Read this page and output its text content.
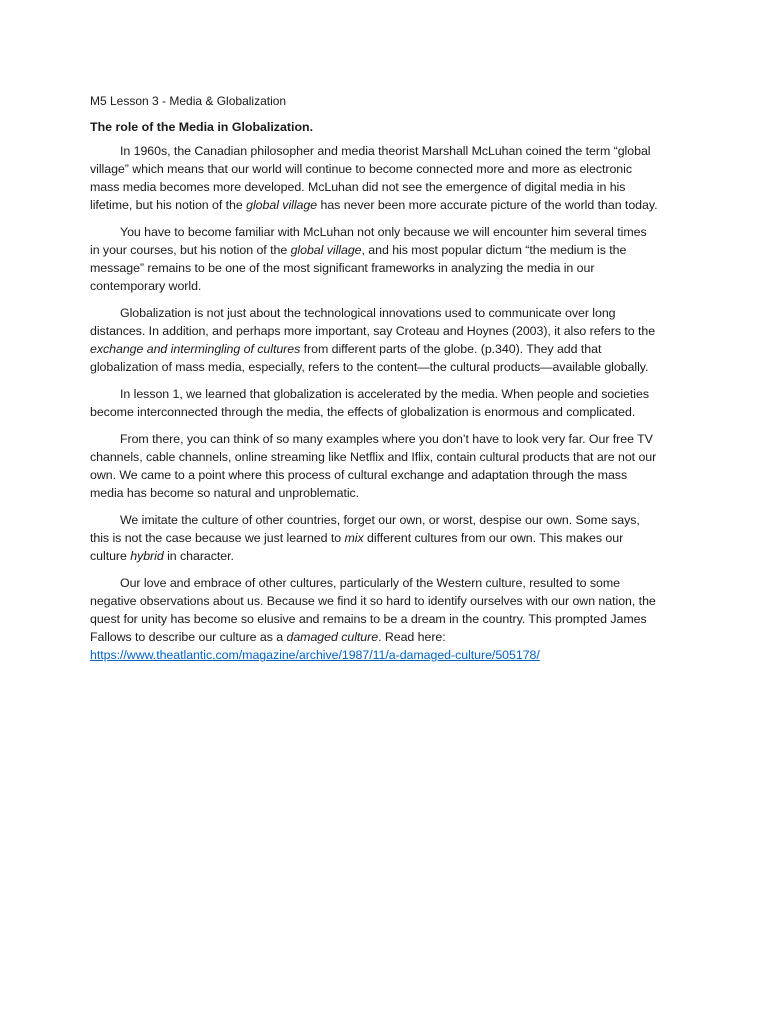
M5 Lesson 3 - Media & Globalization
The role of the Media in Globalization.

In 1960s, the Canadian philosopher and media theorist Marshall McLuhan coined the term “global village” which means that our world will continue to become connected more and more as electronic mass media becomes more developed. McLuhan did not see the emergence of digital media in his lifetime, but his notion of the global village has never been more accurate picture of the world than today.

You have to become familiar with McLuhan not only because we will encounter him several times in your courses, but his notion of the global village, and his most popular dictum “the medium is the message” remains to be one of the most significant frameworks in analyzing the media in our contemporary world.

Globalization is not just about the technological innovations used to communicate over long distances. In addition, and perhaps more important, say Croteau and Hoynes (2003), it also refers to the exchange and intermingling of cultures from different parts of the globe. (p.340). They add that globalization of mass media, especially, refers to the content—the cultural products—available globally.

In lesson 1, we learned that globalization is accelerated by the media. When people and societies become interconnected through the media, the effects of globalization is enormous and complicated.

From there, you can think of so many examples where you don’t have to look very far. Our free TV channels, cable channels, online streaming like Netflix and Iflix, contain cultural products that are not our own. We came to a point where this process of cultural exchange and adaptation through the mass media has become so natural and unproblematic.

We imitate the culture of other countries, forget our own, or worst, despise our own. Some says, this is not the case because we just learned to mix different cultures from our own. This makes our culture hybrid in character.

Our love and embrace of other cultures, particularly of the Western culture, resulted to some negative observations about us. Because we find it so hard to identify ourselves with our own nation, the quest for unity has become so elusive and remains to be a dream in the country. This prompted James Fallows to describe our culture as a damaged culture. Read here: https://www.theatlantic.com/magazine/archive/1987/11/a-damaged-culture/505178/
